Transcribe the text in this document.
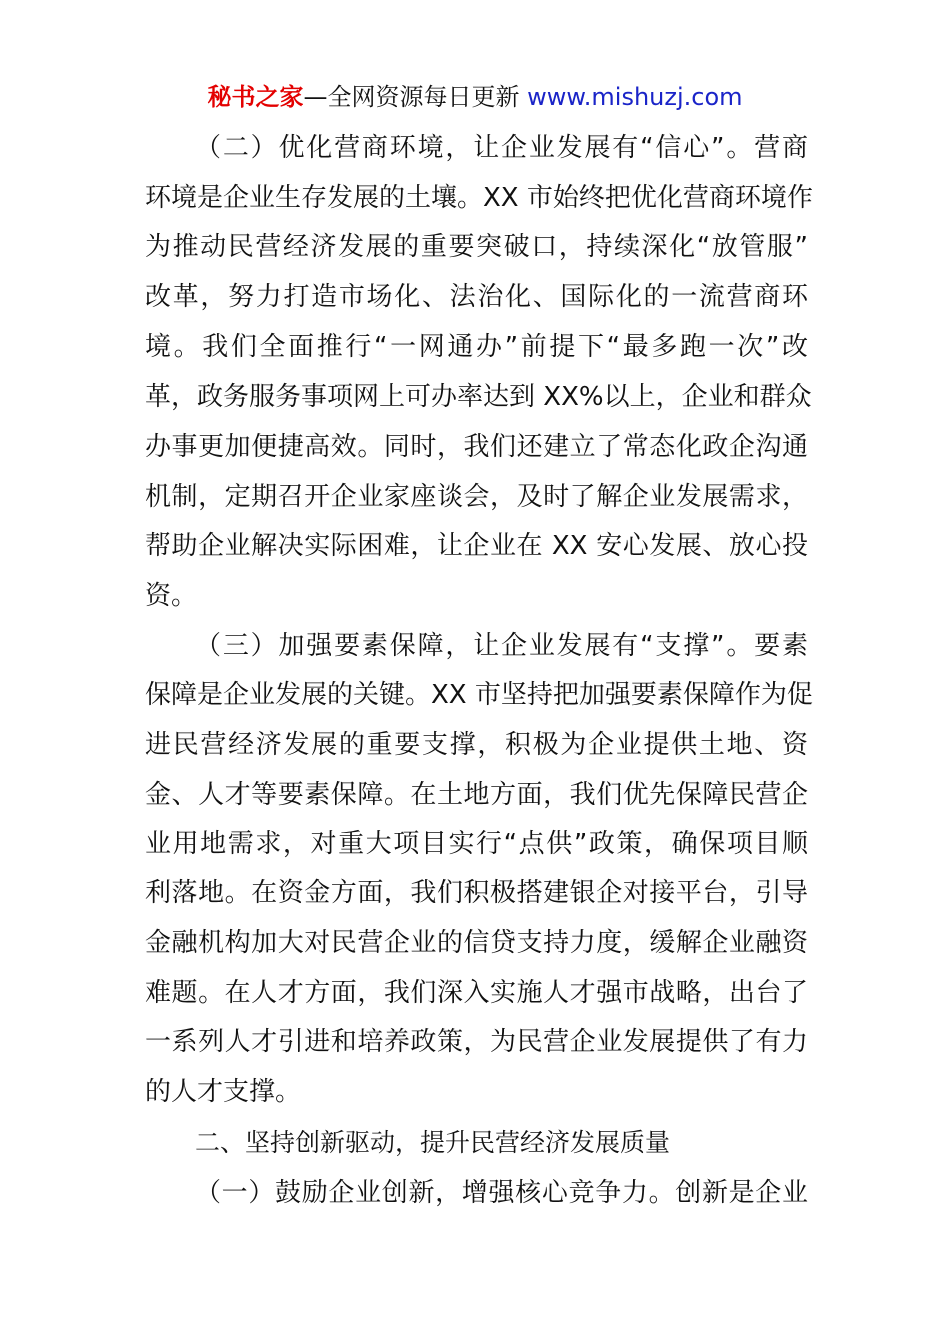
秘书之家—全网资源每日更新 www.mishuzj.com
（二）优化营商环境，让企业发展有“信心”。营商
环境是企业生存发展的土壤。XX 市始终把优化营商环境作
为推动民营经济发展的重要突破口，持续深化“放管服”
改革，努力打造市场化、法治化、国际化的一流营商环
境。我们全面推行“一网通办”前提下“最多跑一次”改
革，政务服务事项网上可办率达到 XX%以上，企业和群众
办事更加便捷高效。同时，我们还建立了常态化政企沟通
机制，定期召开企业家座谈会，及时了解企业发展需求，
帮助企业解决实际困难，让企业在 XX 安心发展、放心投
资。
（三）加强要素保障，让企业发展有“支撑”。要素
保障是企业发展的关键。XX 市坚持把加强要素保障作为促
进民营经济发展的重要支撑，积极为企业提供土地、资
金、人才等要素保障。在土地方面，我们优先保障民营企
业用地需求，对重大项目实行“点供”政策，确保项目顺
利落地。在资金方面，我们积极搭建银企对接平台，引导
金融机构加大对民营企业的信贷支持力度，缓解企业融资
难题。在人才方面，我们深入实施人才强市战略，出台了
一系列人才引进和培养政策，为民营企业发展提供了有力
的人才支撑。
二、坚持创新驱动，提升民营经济发展质量
（一）鼓励企业创新，增强核心竞争力。创新是企业
